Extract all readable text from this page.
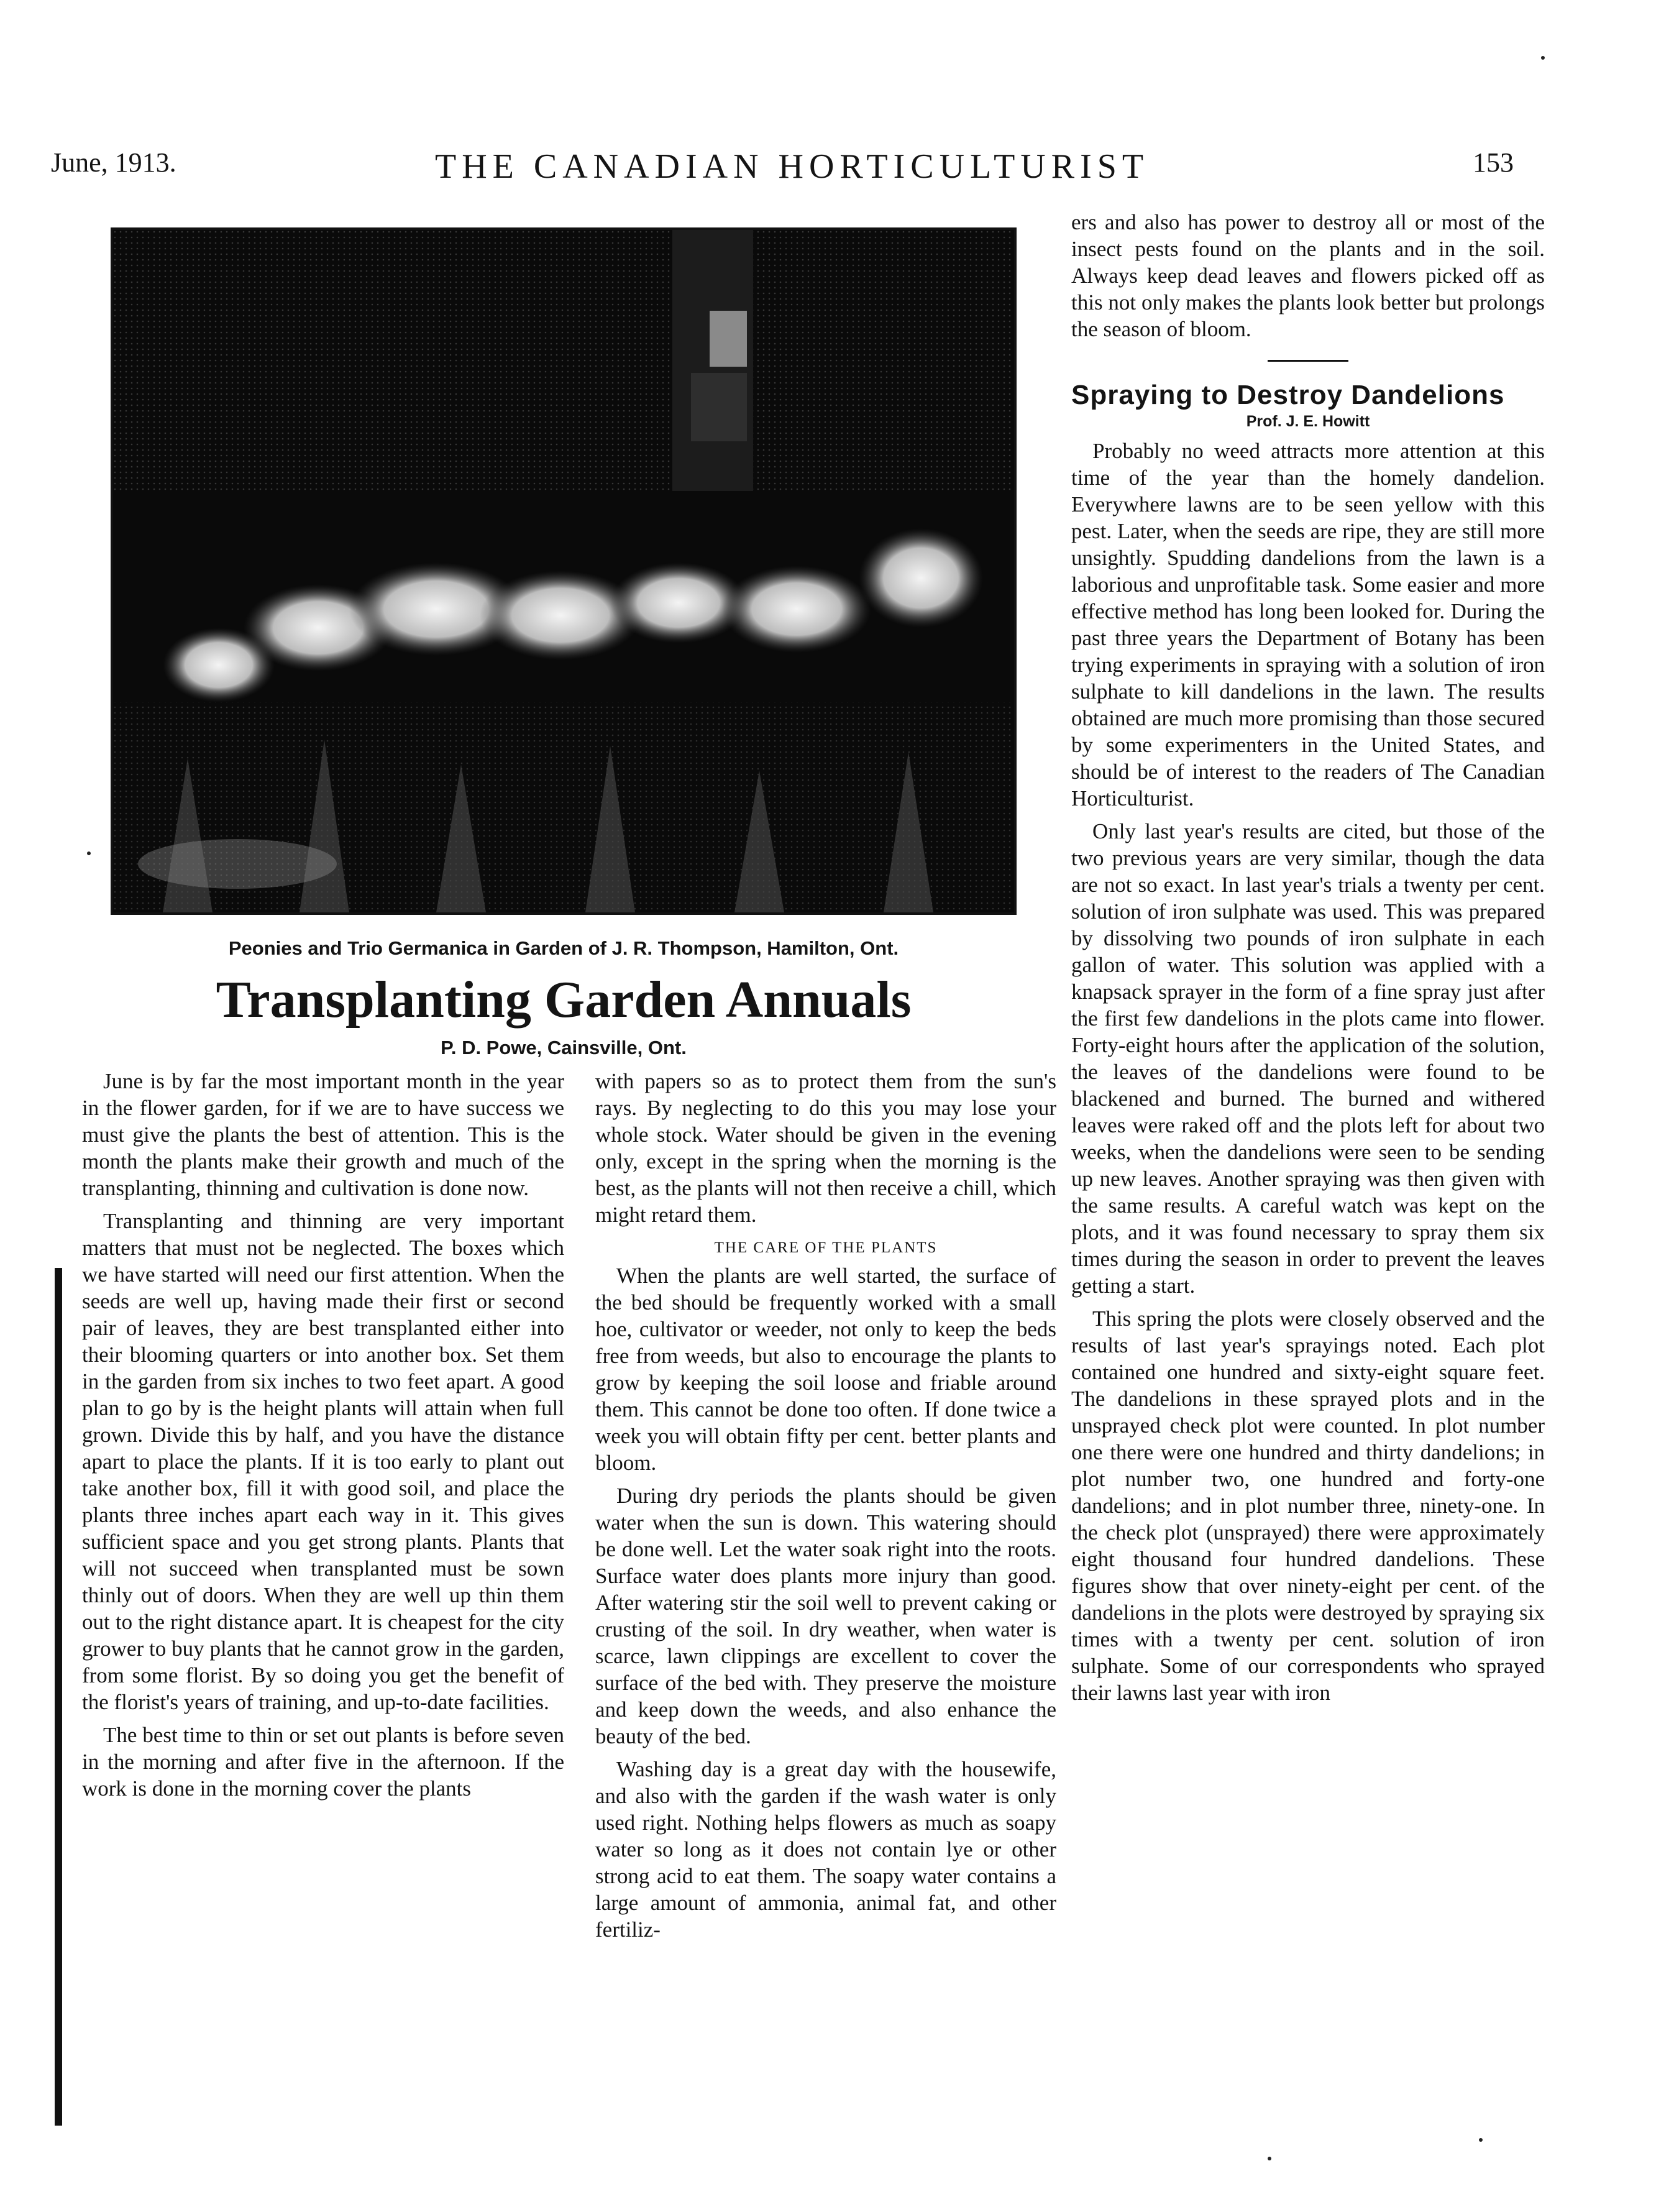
June, 1913.	THE CANADIAN HORTICULTURIST	153
Peonies and Trio Germanica in Garden of J. R. Thompson, Hamilton, Ont.
Transplanting Garden Annuals
P. D. Powe, Cainsville, Ont.

June is by far the most important month in the year in the flower garden, for if we are to have success we must give the plants the best of attention. This is the month the plants make their growth and much of the transplanting, thinning and cultivation is done now.

Transplanting and thinning are very important matters that must not be neglected. The boxes which we have started will need our first attention. When the seeds are well up, having made their first or second pair of leaves, they are best transplanted either into their blooming quarters or into another box. Set them in the garden from six inches to two feet apart. A good plan to go by is the height plants will attain when full grown. Divide this by half, and you have the distance apart to place the plants. If it is too early to plant out take another box, fill it with good soil, and place the plants three inches apart each way in it. This gives sufficient space and you get strong plants. Plants that will not succeed when transplanted must be sown thinly out of doors. When they are well up thin them out to the right distance apart. It is cheapest for the city grower to buy plants that he cannot grow in the garden, from some florist. By so doing you get the benefit of the florist's years of training, and up-to-date facilities.

The best time to thin or set out plants is before seven in the morning and after five in the afternoon. If the work is done in the morning cover the plants

with papers so as to protect them from the sun's rays. By neglecting to do this you may lose your whole stock. Water should be given in the evening only, except in the spring when the morning is the best, as the plants will not then receive a chill, which might retard them.

THE CARE OF THE PLANTS

When the plants are well started, the surface of the bed should be frequently worked with a small hoe, cultivator or weeder, not only to keep the beds free from weeds, but also to encourage the plants to grow by keeping the soil loose and friable around them. This cannot be done too often. If done twice a week you will obtain fifty per cent. better plants and bloom.

During dry periods the plants should be given water when the sun is down. This watering should be done well. Let the water soak right into the roots. Surface water does plants more injury than good. After watering stir the soil well to prevent caking or crusting of the soil. In dry weather, when water is scarce, lawn clippings are excellent to cover the surface of the bed with. They preserve the moisture and keep down the weeds, and also enhance the beauty of the bed.

Washing day is a great day with the housewife, and also with the garden if the wash water is only used right. Nothing helps flowers as much as soapy water so long as it does not contain lye or other strong acid to eat them. The soapy water contains a large amount of ammonia, animal fat, and other fertiliz-

ers and also has power to destroy all or most of the insect pests found on the plants and in the soil. Always keep dead leaves and flowers picked off as this not only makes the plants look better but prolongs the season of bloom.

Spraying to Destroy Dandelions
Prof. J. E. Howitt

Probably no weed attracts more attention at this time of the year than the homely dandelion. Everywhere lawns are to be seen yellow with this pest. Later, when the seeds are ripe, they are still more unsightly. Spudding dandelions from the lawn is a laborious and unprofitable task. Some easier and more effective method has long been looked for. During the past three years the Department of Botany has been trying experiments in spraying with a solution of iron sulphate to kill dandelions in the lawn. The results obtained are much more promising than those secured by some experimenters in the United States, and should be of interest to the readers of The Canadian Horticulturist.

Only last year's results are cited, but those of the two previous years are very similar, though the data are not so exact. In last year's trials a twenty per cent. solution of iron sulphate was used. This was prepared by dissolving two pounds of iron sulphate in each gallon of water. This solution was applied with a knapsack sprayer in the form of a fine spray just after the first few dandelions in the plots came into flower. Forty-eight hours after the application of the solution, the leaves of the dandelions were found to be blackened and burned. The burned and withered leaves were raked off and the plots left for about two weeks, when the dandelions were seen to be sending up new leaves. Another spraying was then given with the same results. A careful watch was kept on the plots, and it was found necessary to spray them six times during the season in order to prevent the leaves getting a start.

This spring the plots were closely observed and the results of last year's sprayings noted. Each plot contained one hundred and sixty-eight square feet. The dandelions in these sprayed plots and in the unsprayed check plot were counted. In plot number one there were one hundred and thirty dandelions; in plot number two, one hundred and forty-one dandelions; and in plot number three, ninety-one. In the check plot (unsprayed) there were approximately eight thousand four hundred dandelions. These figures show that over ninety-eight per cent. of the dandelions in the plots were destroyed by spraying six times with a twenty per cent. solution of iron sulphate. Some of our correspondents who sprayed their lawns last year with iron
